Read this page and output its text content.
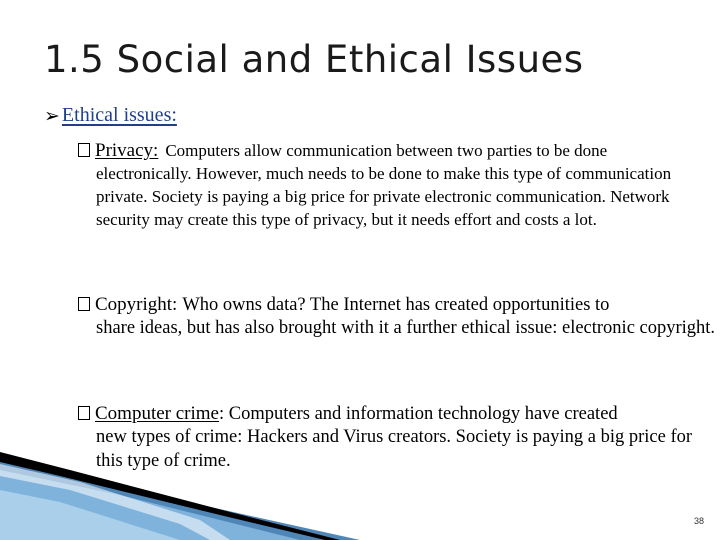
1.5 Social and Ethical Issues
➢ Ethical issues:
Privacy: Computers allow communication between two parties to be done
electronically. However, much needs to be done to make this type of communication private. Society is paying a big price for private electronic communication. Network security may create this type of privacy, but it needs effort and costs a lot.
Copyright: Who owns data? The Internet has created opportunities to
share ideas, but has also brought with it a further ethical issue: electronic copyright.
Computer crime : Computers and information technology have created
new types of crime: Hackers and Virus creators. Society is paying a big price for this type of crime.
38
